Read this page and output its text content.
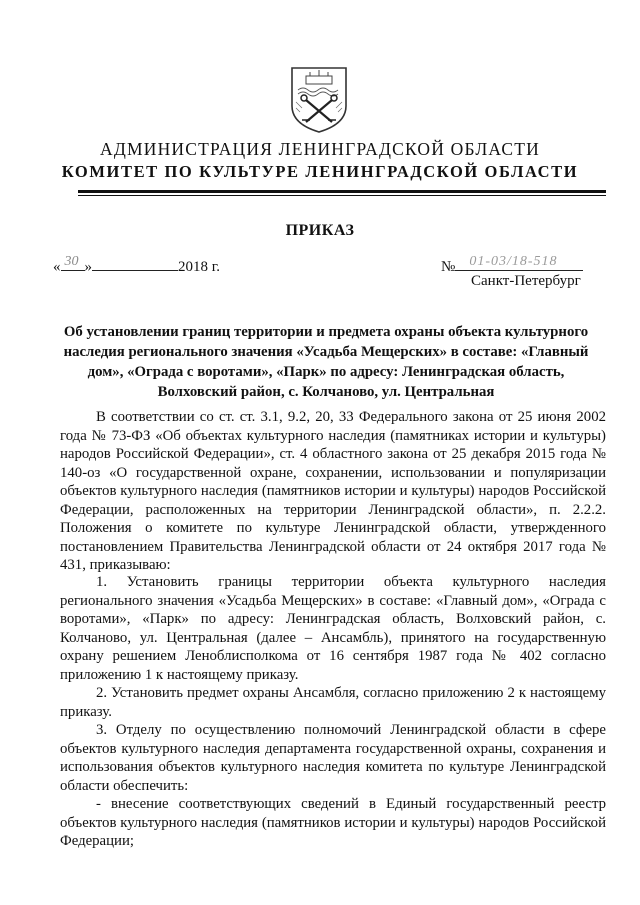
АДМИНИСТРАЦИЯ ЛЕНИНГРАДСКОЙ ОБЛАСТИ
КОМИТЕТ ПО КУЛЬТУРЕ ЛЕНИНГРАДСКОЙ ОБЛАСТИ
ПРИКАЗ
« 30 »	2018 г.	№ 01-03/18-518
Санкт-Петербург
Об установлении границ территории и предмета охраны объекта культурного наследия регионального значения «Усадьба Мещерских» в составе: «Главный дом», «Ограда с воротами», «Парк» по адресу: Ленинградская область, Волховский район, с. Колчаново, ул. Центральная
В соответствии со ст. ст. 3.1, 9.2, 20, 33 Федерального закона от 25 июня 2002 года № 73-ФЗ «Об объектах культурного наследия (памятниках истории и культуры) народов Российской Федерации», ст. 4 областного закона от 25 декабря 2015 года № 140-оз «О государственной охране, сохранении, использовании и популяризации объектов культурного наследия (памятников истории и культуры) народов Российской Федерации, расположенных на территории Ленинградской области», п. 2.2.2. Положения о комитете по культуре Ленинградской области, утвержденного постановлением Правительства Ленинградской области от 24 октября 2017 года № 431, приказываю:

1. Установить границы территории объекта культурного наследия регионального значения «Усадьба Мещерских» в составе: «Главный дом», «Ограда с воротами», «Парк» по адресу: Ленинградская область, Волховский район, с. Колчаново, ул. Центральная (далее – Ансамбль), принятого на государственную охрану решением Леноблисполкома от 16 сентября 1987 года № 402 согласно приложению 1 к настоящему приказу.

2. Установить предмет охраны Ансамбля, согласно приложению 2 к настоящему приказу.

3. Отделу по осуществлению полномочий Ленинградской области в сфере объектов культурного наследия департамента государственной охраны, сохранения и использования объектов культурного наследия комитета по культуре Ленинградской области обеспечить:

- внесение соответствующих сведений в Единый государственный реестр объектов культурного наследия (памятников истории и культуры) народов Российской Федерации;
